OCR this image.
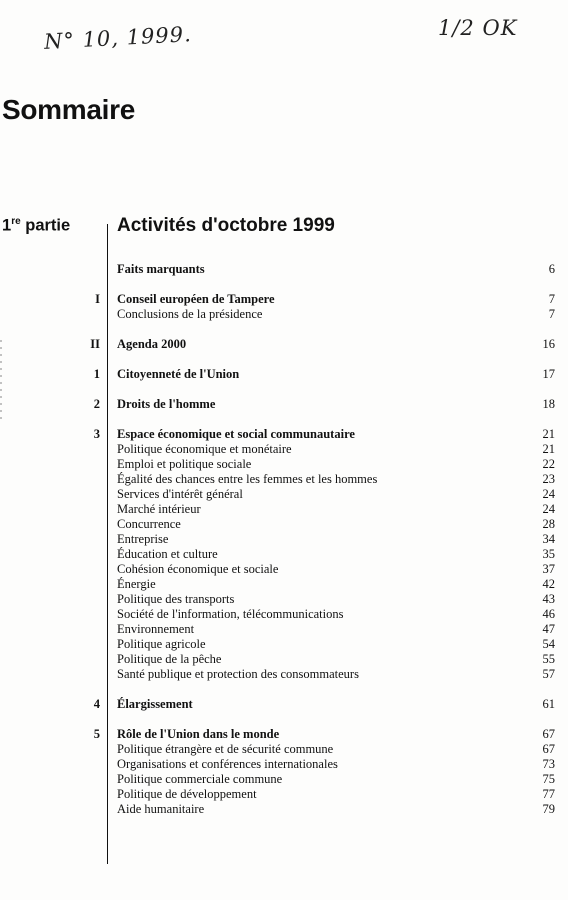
N° 10, 1999.	1/2 OK
Sommaire
1re partie Activités d'octobre 1999
Faits marquants	6
I Conseil européen de Tampere	7
Conclusions de la présidence	7
II Agenda 2000	16
1 Citoyenneté de l'Union	17
2 Droits de l'homme	18
3 Espace économique et social communautaire	21
Politique économique et monétaire	21
Emploi et politique sociale	22
Égalité des chances entre les femmes et les hommes	23
Services d'intérêt général	24
Marché intérieur	24
Concurrence	28
Entreprise	34
Éducation et culture	35
Cohésion économique et sociale	37
Énergie	42
Politique des transports	43
Société de l'information, télécommunications	46
Environnement	47
Politique agricole	54
Politique de la pêche	55
Santé publique et protection des consommateurs	57
4 Élargissement	61
5 Rôle de l'Union dans le monde	67
Politique étrangère et de sécurité commune	67
Organisations et conférences internationales	73
Politique commerciale commune	75
Politique de développement	77
Aide humanitaire	79
